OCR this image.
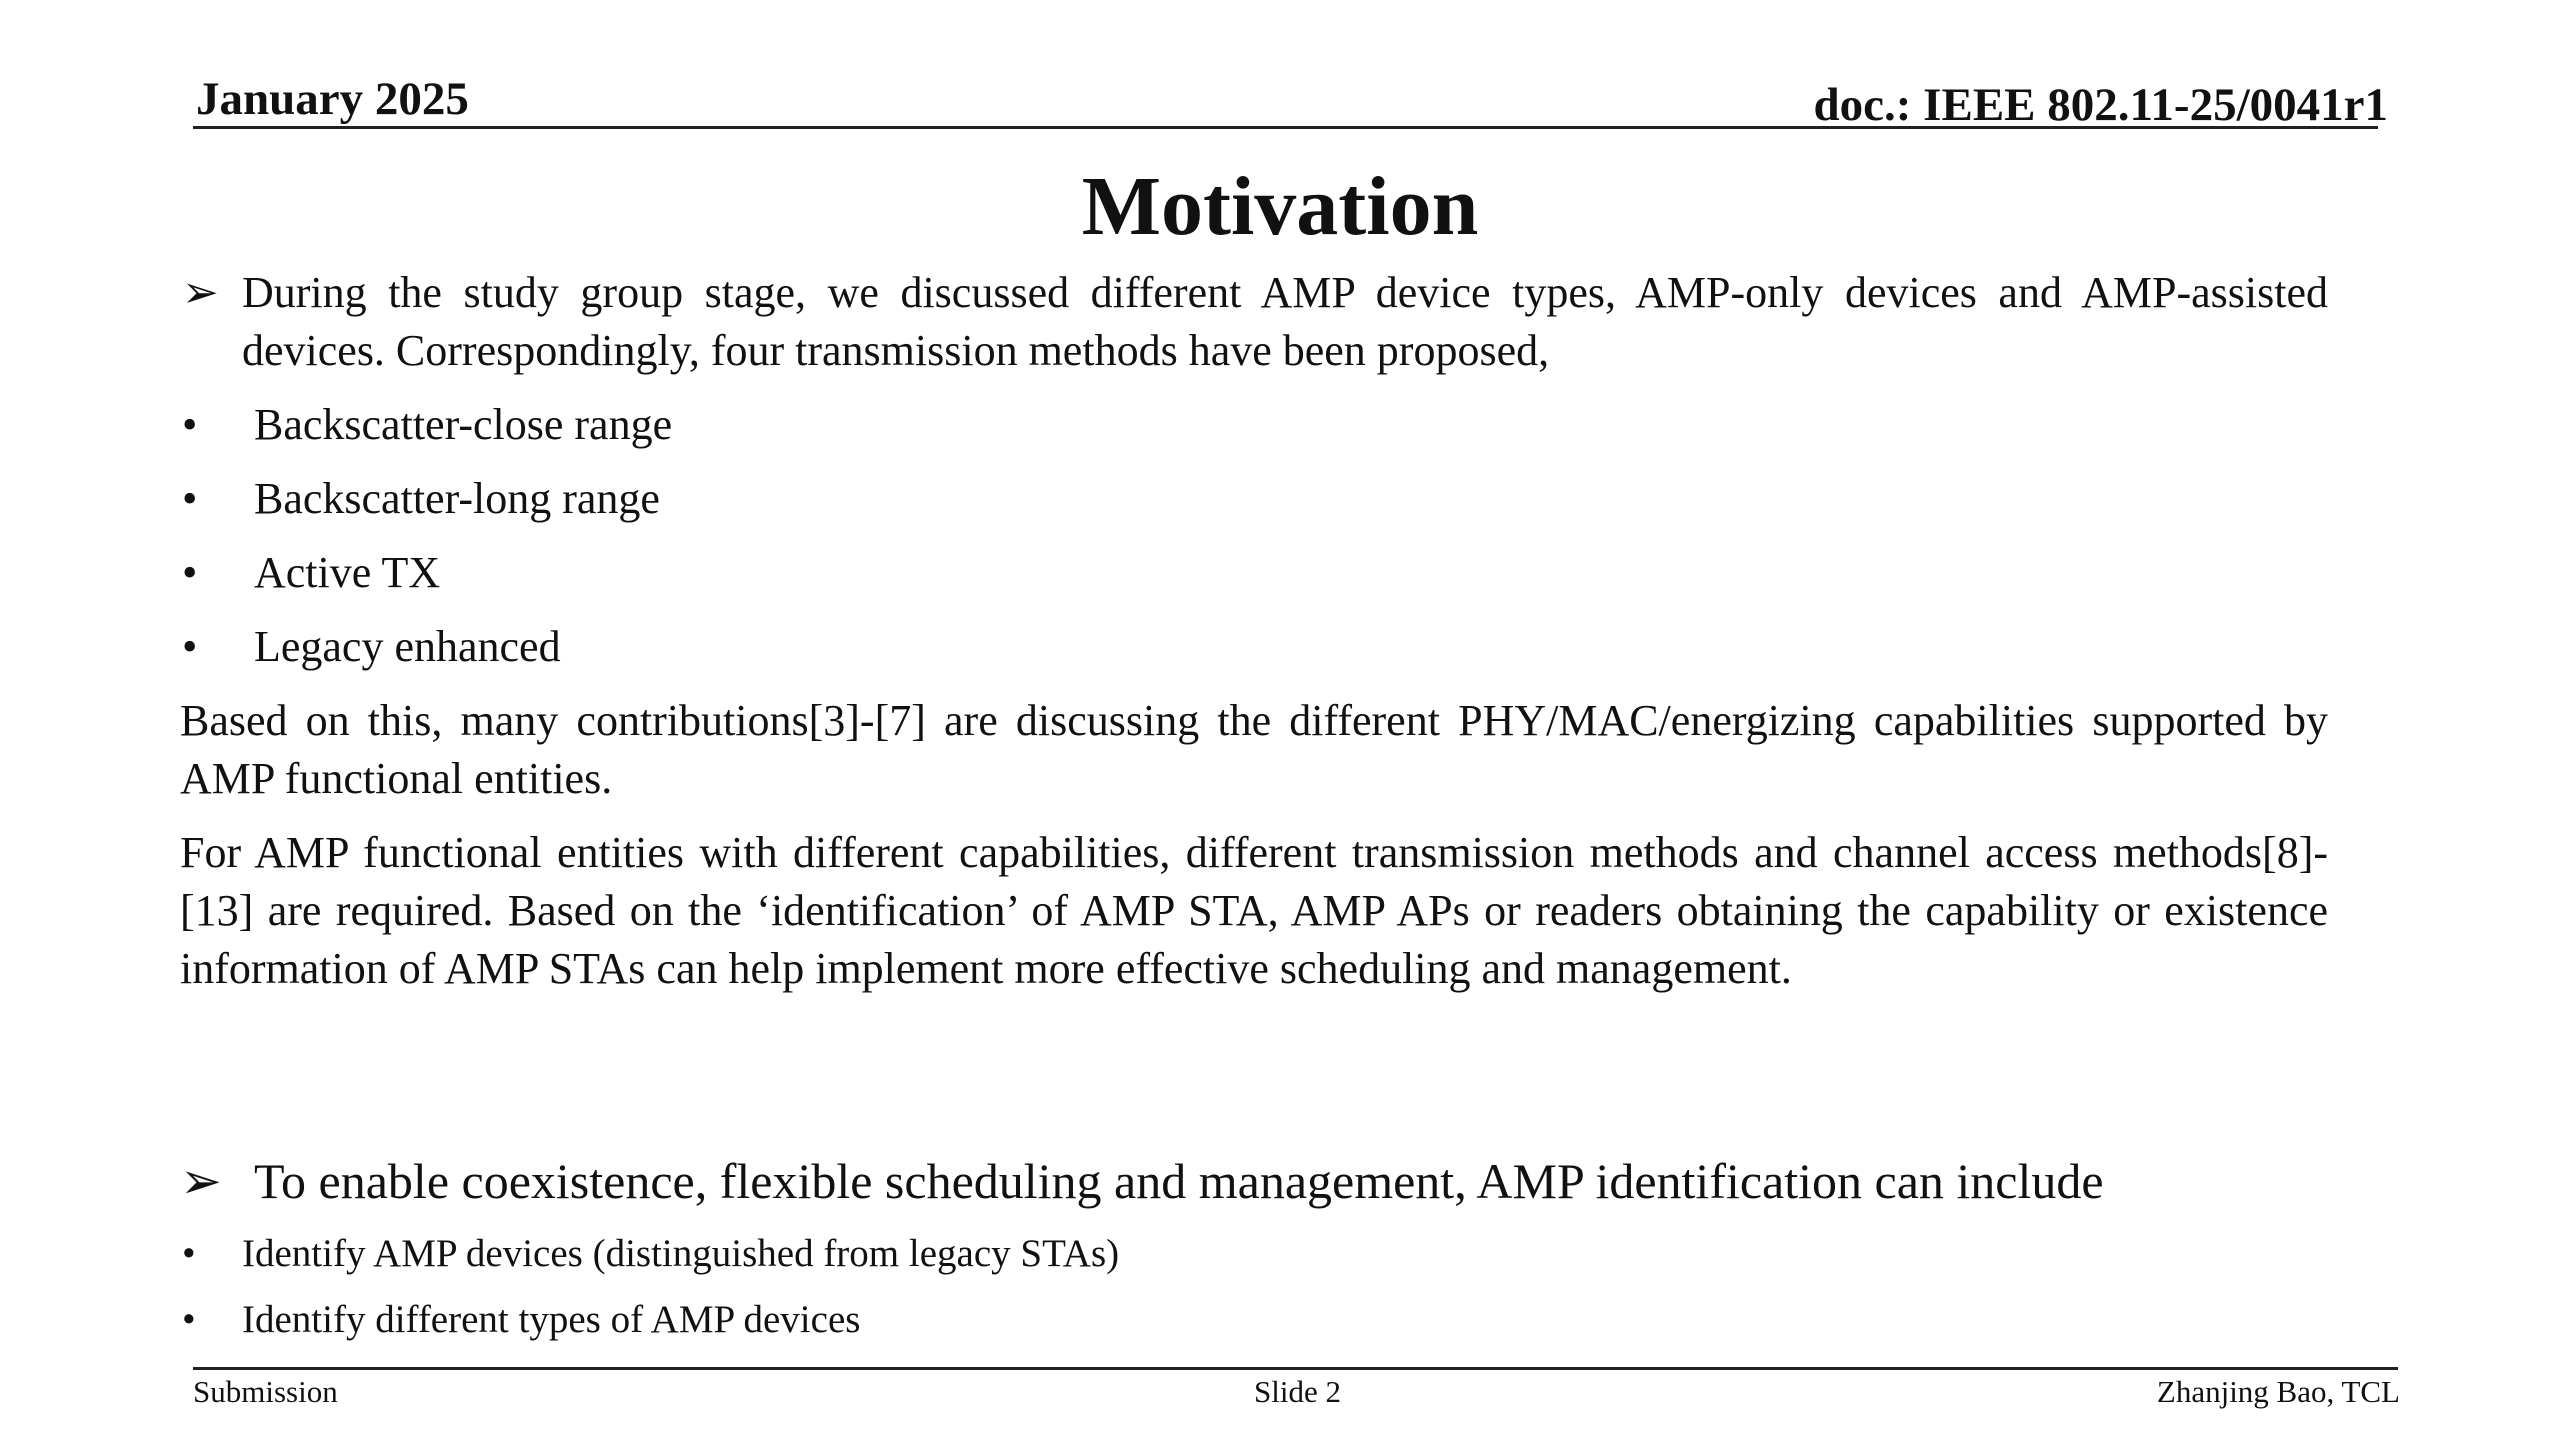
January 2025	doc.: IEEE 802.11-25/0041r1
Motivation
➢ During the study group stage, we discussed different AMP device types, AMP-only devices and AMP-assisted devices. Correspondingly, four transmission methods have been proposed,
• Backscatter-close range
• Backscatter-long range
• Active TX
• Legacy enhanced
Based on this, many contributions[3]-[7] are discussing the different PHY/MAC/energizing capabilities supported by AMP functional entities.
For AMP functional entities with different capabilities, different transmission methods and channel access methods[8]-[13] are required. Based on the ‘identification’ of AMP STA, AMP APs or readers obtaining the capability or existence information of AMP STAs can help implement more effective scheduling and management.
➢ To enable coexistence, flexible scheduling and management, AMP identification can include
• Identify AMP devices (distinguished from legacy STAs)
• Identify different types of AMP devices
Submission	Slide 2	Zhanjing Bao, TCL
